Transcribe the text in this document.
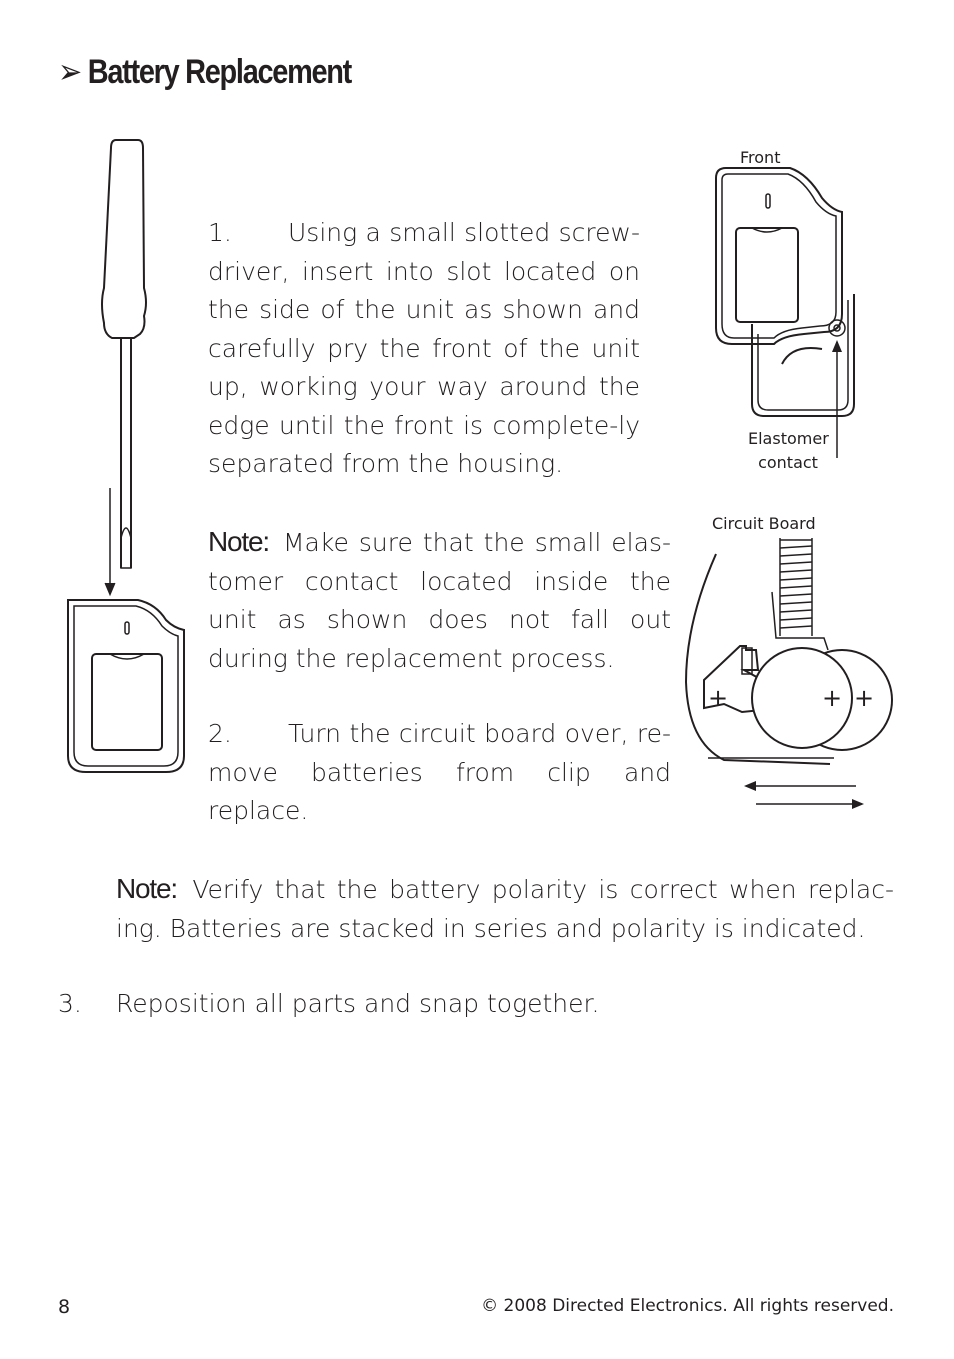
➢ Battery Replacement
Front
Elastomer
contact
Circuit Board
+	+ +
1. Using a small slotted screw-driver, insert into slot located on the side of the unit as shown and carefully pry the front of the unit up, working your way around the edge until the front is complete-ly separated from the housing.
Note: Make sure that the small elas-tomer contact located inside the unit as shown does not fall out during the replacement process.
2. Turn the circuit board over, re-move batteries from clip and replace.
Note: Verify that the battery polarity is correct when replac-ing. Batteries are stacked in series and polarity is indicated.
3. Reposition all parts and snap together.
8	© 2008 Directed Electronics. All rights reserved.
